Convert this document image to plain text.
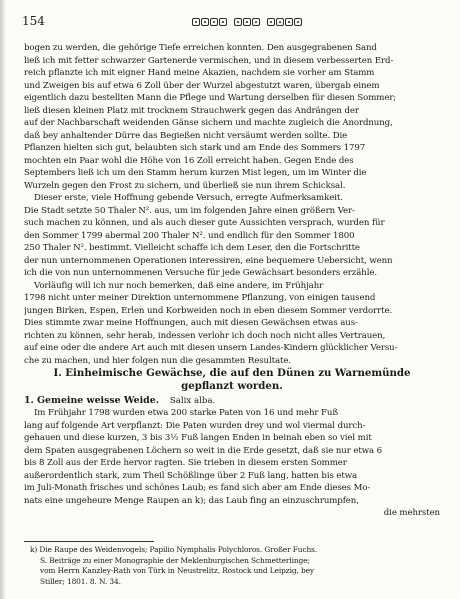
154
bogen zu werden, die gehörige Tiefe erreichen konnten. Den ausgegrabenen Sand
ließ ich mit fetter schwarzer Gartenerde vermischen, und in diesem verbesserten Erd-
reich pflanzte ich mit eigner Hand meine Akazien, nachdem sie vorher am Stamm
und Zweigen bis auf etwa 6 Zoll über der Wurzel abgestutzt waren, übergab einem
eigentlich dazu bestellten Mann die Pflege und Wartung derselben für diesen Sommer;
ließ diesen kleinen Platz mit trocknem Strauchwerk gegen das Andrängen der
auf der Nachbarschaft weidenden Gänse sichern und machte zugleich die Anordnung,
daß bey anhaltender Dürre das Begießen nicht versäumt werden sollte. Die
Pflanzen hielten sich gut, belaubten sich stark und am Ende des Sommers 1797
mochten ein Paar wohl die Höhe von 16 Zoll erreicht haben. Gegen Ende des
Septembers ließ ich um den Stamm herum kurzen Mist legen, um im Winter die
Wurzeln gegen den Frost zu sichern, und überließ sie nun ihrem Schicksal.
Dieser erste, viele Hoffnung gebende Versuch, erregte Aufmerksamkeit.
Die Stadt setzte 50 Thaler N². aus, um im folgenden Jahre einen größern Ver-
such machen zu können, und als auch dieser gute Aussichten versprach, wurden für
den Sommer 1799 abermal 200 Thaler N². und endlich für den Sommer 1800
250 Thaler N². bestimmt. Vielleicht schaffe ich dem Leser, den die Fortschritte
der nun unternommenen Operationen interessiren, eine bequemere Uebersicht, wenn
ich die von nun unternommenen Versuche für jede Gewächsart besonders erzähle.
Vorläufig will ich nur noch bemerken, daß eine andere, im Frühjahr
1798 nicht unter meiner Direktion unternommene Pflanzung, von einigen tausend
jungen Birken, Espen, Erlen und Korbweiden noch in eben diesem Sommer verdorrte.
Dies stimmte zwar meine Hoffnungen, auch mit diesen Gewächsen etwas aus-
richten zu können, sehr herab, indessen verlohr ich doch noch nicht alles Vertrauen,
auf eine oder die andere Art auch mit diesen unsern Landes-Kindern glücklicher Versu-
che zu machen, und hier folgen nun die gesammten Resultate.
I. Einheimische Gewächse, die auf den Dünen zu Warnemünde
gepflanzt worden.
1. Gemeine weisse Weide. Salix alba.
Im Frühjahr 1798 wurden etwa 200 starke Paten von 16 und mehr Fuß
lang auf folgende Art verpflanzt: Die Paten wurden drey und wol viermal durch-
gehauen und diese kurzen, 3 bis 3½ Fuß langen Enden in beinah eben so viel mit
dem Spaten ausgegrabenen Löchern so weit in die Erde gesetzt, daß sie nur etwa 6
bis 8 Zoll aus der Erde hervor ragten. Sie trieben in diesem ersten Sommer
außerordentlich stark, zum Theil Schößlinge über 2 Fuß lang, hatten bis etwa
im Juli-Monath frisches und schönes Laub; es fand sich aber am Ende dieses Mo-
nats eine ungeheure Menge Raupen an k); das Laub fing an einzuschrumpfen,
die mehrsten
k) Die Raupe des Weidenvogels; Papilio Nymphalis Polychloros. Großer Fuchs.
S. Beiträge zu einer Monographie der Meklenburgischen Schmetterlinge;
vom Herrn Kanzley-Rath von Türk in Neustrelitz, Rostock und Leipzig, bey
Stiller; 1801. 8. N. 34.
